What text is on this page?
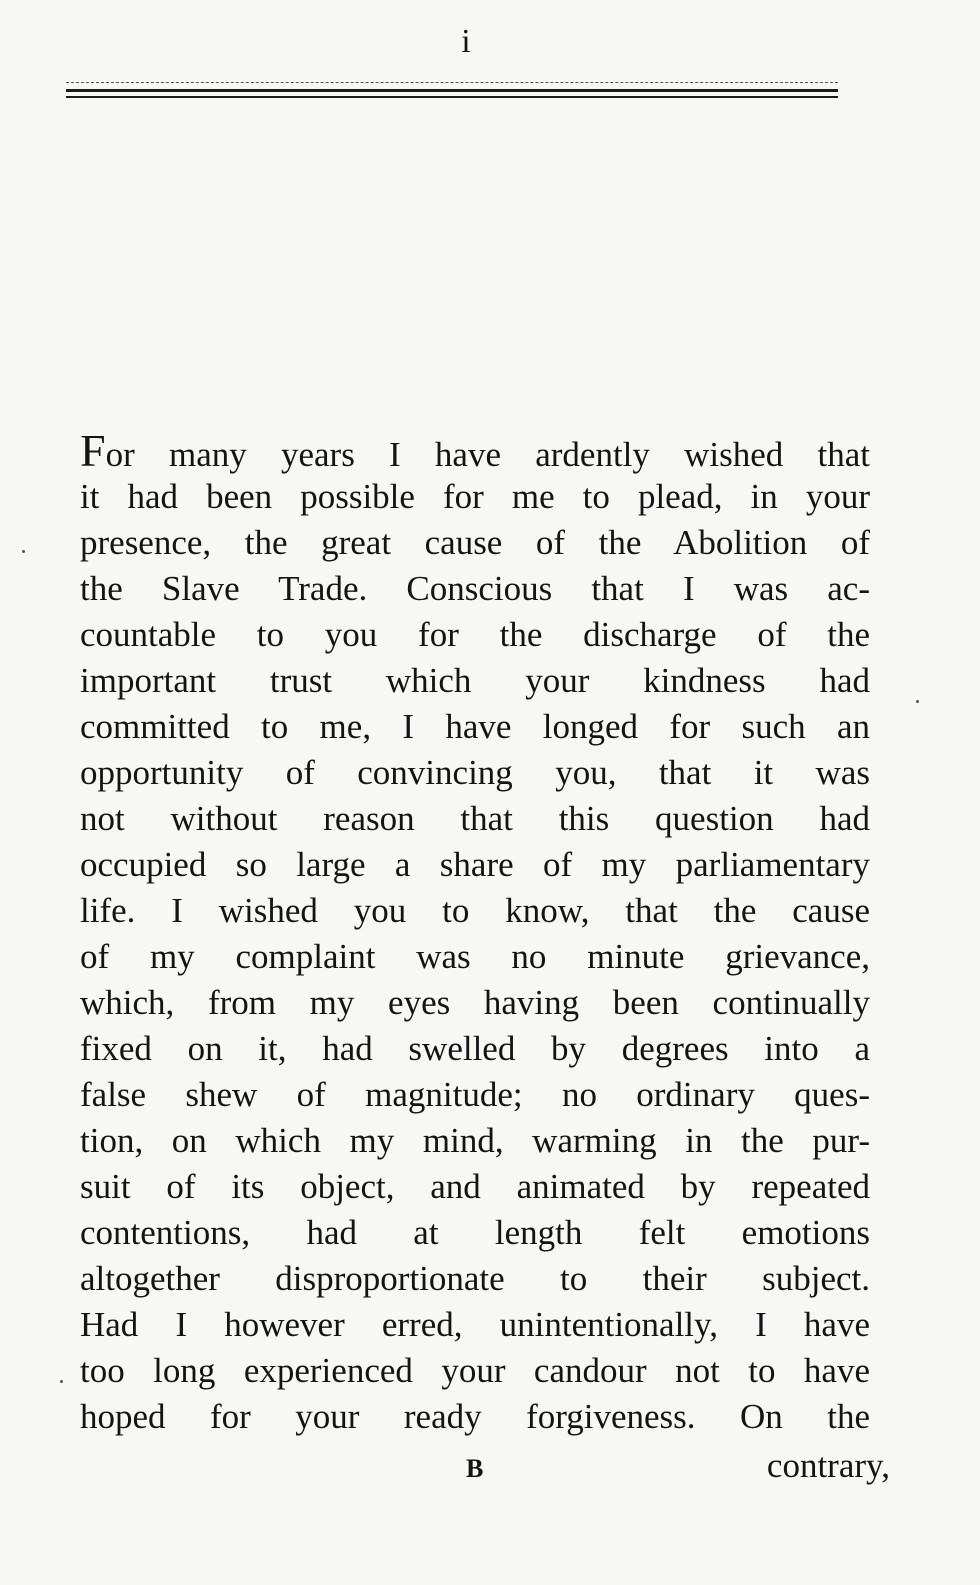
i
For many years I have ardently wished that
it had been possible for me to plead, in your
presence, the great cause of the Abolition of
the Slave Trade. Conscious that I was ac-
countable to you for the discharge of the
important trust which your kindness had
committed to me, I have longed for such an
opportunity of convincing you, that it was
not without reason that this question had
occupied so large a share of my parliamentary
life. I wished you to know, that the cause
of my complaint was no minute grievance,
which, from my eyes having been continually
fixed on it, had swelled by degrees into a
false shew of magnitude; no ordinary ques-
tion, on which my mind, warming in the pur-
suit of its object, and animated by repeated
contentions, had at length felt emotions
altogether disproportionate to their subject.
Had I however erred, unintentionally, I have
too long experienced your candour not to have
hoped for your ready forgiveness. On the
B	contrary,
